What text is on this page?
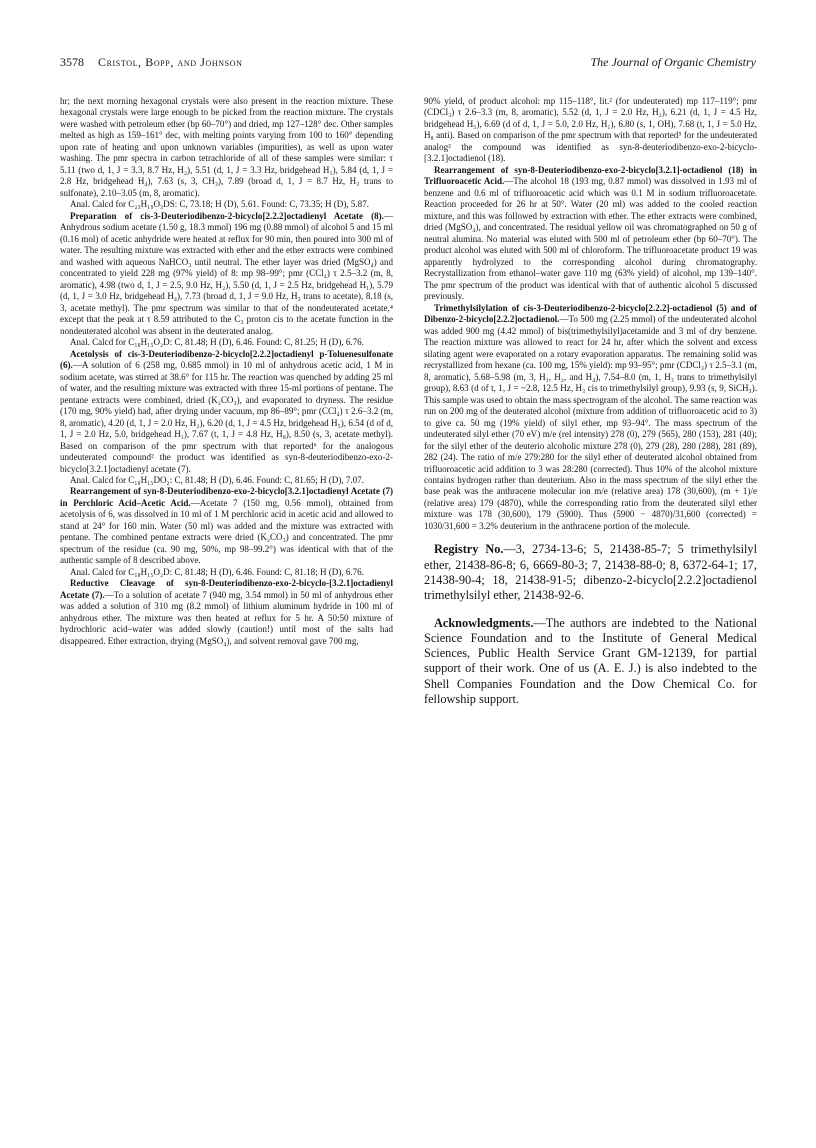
3578 Cristol, Bopp, and Johnson	The Journal of Organic Chemistry

hr; the next morning hexagonal crystals were also present in the reaction mixture. These hexagonal crystals were large enough to be picked from the reaction mixture. The crystals were washed with petroleum ether (bp 60–70°) and dried, mp 127–128° dec. Other samples melted as high as 159–161° dec, with melting points varying from 100 to 160° depending upon rate of heating and upon unknown variables (impurities), as well as upon water washing. The pmr spectra in carbon tetrachloride of all of these samples were similar: τ 5.11 (two d, 1, J = 3.3, 8.7 Hz, H₂), 5.51 (d, 1, J = 3.3 Hz, bridgehead H₁), 5.84 (d, 1, J = 2.8 Hz, bridgehead H₄), 7.63 (s, 3, CH₃), 7.89 (broad d, 1, J = 8.7 Hz, H₃ trans to sulfonate), 2.10–3.05 (m, 8, aromatic).

Anal. Calcd for C₂₃H₁₉O₃DS: C, 73.18; H (D), 5.61. Found: C, 73.35; H (D), 5.87.

Preparation of cis-3-Deuteriodibenzo-2-bicyclo[2.2.2]octadienyl Acetate (8).—Anhydrous sodium acetate (1.50 g, 18.3 mmol) 196 mg (0.88 mmol) of alcohol 5 and 15 ml (0.16 mol) of acetic anhydride were heated at reflux for 90 min, then poured into 300 ml of water. The resulting mixture was extracted with ether and the ether extracts were combined and washed with aqueous NaHCO₃ until neutral. The ether layer was dried (MgSO₄) and concentrated to yield 228 mg (97% yield) of 8: mp 98–99°; pmr (CCl₄) τ 2.5–3.2 (m, 8, aromatic), 4.98 (two d, 1, J = 2.5, 9.0 Hz, H₂), 5.50 (d, 1, J = 2.5 Hz, bridgehead H₁), 5.79 (d, 1, J = 3.0 Hz, bridgehead H₄), 7.73 (broad d, 1, J = 9.0 Hz, H₃ trans to acetate), 8.18 (s, 3, acetate methyl). The pmr spectrum was similar to that of the nondeuterated acetate,⁴ except that the peak at τ 8.59 attributed to the C₃ proton cis to the acetate function in the nondeuterated alcohol was absent in the deuterated analog.

Anal. Calcd for C₁₈H₁₅O₂D: C, 81.48; H (D), 6.46. Found: C, 81.25; H (D), 6.76.

Acetolysis of cis-3-Deuteriodibenzo-2-bicyclo[2.2.2]octadienyl p-Toluenesulfonate (6).—A solution of 6 (258 mg, 0.685 mmol) in 10 ml of anhydrous acetic acid, 1 M in sodium acetate, was stirred at 38.6° for 115 hr. The reaction was quenched by adding 25 ml of water, and the resulting mixture was extracted with three 15-ml portions of pentane. The pentane extracts were combined, dried (K₂CO₃), and evaporated to dryness. The residue (170 mg, 90% yield) had, after drying under vacuum, mp 86–89°; pmr (CCl₄) τ 2.6–3.2 (m, 8, aromatic), 4.20 (d, 1, J = 2.0 Hz, H₂), 6.20 (d, 1, J = 4.5 Hz, bridgehead H₅), 6.54 (d of d, 1, J = 2.0 Hz, 5.0, bridgehead H₁), 7.67 (t, 1, J = 4.8 Hz, H₈), 8.50 (s, 3, acetate methyl). Based on comparison of the pmr spectrum with that reported⁶ for the analogous undeuterated compound² the product was identified as syn-8-deuteriodibenzo-exo-2-bicyclo[3.2.1]octadienyl acetate (7).

Anal. Calcd for C₁₈H₁₅DO₂: C, 81.48; H (D), 6.46. Found: C, 81.65; H (D), 7.07.

Rearrangement of syn-8-Deuteriodibenzo-exo-2-bicyclo[3.2.1]octadienyl Acetate (7) in Perchloric Acid–Acetic Acid.—Acetate 7 (150 mg, 0.56 mmol), obtained from acetolysis of 6, was dissolved in 10 ml of 1 M perchloric acid in acetic acid and allowed to stand at 24° for 160 min. Water (50 ml) was added and the mixture was extracted with pentane. The combined pentane extracts were dried (K₂CO₃) and concentrated. The pmr spectrum of the residue (ca. 90 mg, 50%, mp 98–99.2°) was identical with that of the authentic sample of 8 described above.

Anal. Calcd for C₁₈H₁₅O₂D: C, 81.48; H (D), 6.46. Found: C, 81.18; H (D), 6.76.

Reductive Cleavage of syn-8-Deuteriodibenzo-exo-2-bicyclo-[3.2.1]octadienyl Acetate (7).—To a solution of acetate 7 (940 mg, 3.54 mmol) in 50 ml of anhydrous ether was added a solution of 310 mg (8.2 mmol) of lithium aluminum hydride in 100 ml of anhydrous ether. The mixture was then heated at reflux for 5 hr. A 50:50 mixture of hydrochloric acid–water was added slowly (caution!) until most of the salts had disappeared. Ether extraction, drying (MgSO₄), and solvent removal gave 700 mg,

90% yield, of product alcohol: mp 115–118°, lit.² (for undeuterated) mp 117–119°; pmr (CDCl₃) τ 2.6–3.3 (m, 8, aromatic), 5.52 (d, 1, J = 2.0 Hz, H₂), 6.21 (d, 1, J = 4.5 Hz, bridgehead H₅), 6.69 (d of d, 1, J = 5.0, 2.0 Hz, H₁), 6.80 (s, 1, OH), 7.68 (t, 1, J = 5.0 Hz, H₈ anti). Based on comparison of the pmr spectrum with that reported⁵ for the undeuterated analog² the compound was identified as syn-8-deuteriodibenzo-exo-2-bicyclo-[3.2.1]octadienol (18).

Rearrangement of syn-8-Deuteriodibenzo-exo-2-bicyclo[3.2.1]-octadienol (18) in Trifluoroacetic Acid.—The alcohol 18 (193 mg, 0.87 mmol) was dissolved in 1.93 ml of benzene and 0.6 ml of trifluoroacetic acid which was 0.1 M in sodium trifluoroacetate. Reaction proceeded for 26 hr at 50°. Water (20 ml) was added to the cooled reaction mixture, and this was followed by extraction with ether. The ether extracts were combined, dried (MgSO₄), and concentrated. The residual yellow oil was chromatographed on 50 g of neutral alumina. No material was eluted with 500 ml of petroleum ether (bp 60–70°). The product alcohol was eluted with 500 ml of chloroform. The trifluoroacetate product 19 was apparently hydrolyzed to the corresponding alcohol during chromatography. Recrystallization from ethanol–water gave 110 mg (63% yield) of alcohol, mp 139–140°. The pmr spectrum of the product was identical with that of authentic alcohol 5 discussed previously.

Trimethylsilylation of cis-3-Deuteriodibenzo-2-bicyclo[2.2.2]-octadienol (5) and of Dibenzo-2-bicyclo[2.2.2]octadienol.—To 500 mg (2.25 mmol) of the undeuterated alcohol was added 900 mg (4.42 mmol) of bis(trimethylsilyl)acetamide and 3 ml of dry benzene. The reaction mixture was allowed to react for 24 hr, after which the solvent and excess silating agent were evaporated on a rotary evaporation apparatus. The remaining solid was recrystallized from hexane (ca. 100 mg, 15% yield): mp 93–95°; pmr (CDCl₃) τ 2.5–3.1 (m, 8, aromatic), 5.68–5.98 (m, 3, H₁, H₂, and H₄), 7.54–8.0 (m, 1, H₃ trans to trimethylsilyl group), 8.63 (d of t, 1, J = ~2.8, 12.5 Hz, H₃ cis to trimethylsilyl group), 9.93 (s, 9, SiCH₃). This sample was used to obtain the mass spectrogram of the alcohol. The same reaction was run on 200 mg of the deuterated alcohol (mixture from addition of trifluoroacetic acid to 3) to give ca. 50 mg (19% yield) of silyl ether, mp 93–94°. The mass spectrum of the undeuterated silyl ether (70 eV) m/e (rel intensity) 278 (0), 279 (565), 280 (153), 281 (40); for the silyl ether of the deuterio alcoholic mixture 278 (0), 279 (28), 280 (288), 281 (89), 282 (24). The ratio of m/e 279:280 for the silyl ether of deuterated alcohol obtained from trifluoroacetic acid addition to 3 was 28:280 (corrected). Thus 10% of the alcohol mixture contains hydrogen rather than deuterium. Also in the mass spectrum of the silyl ether the base peak was the anthracene molecular ion m/e (relative area) 178 (30,600), (m + 1)/e (relative area) 179 (4870), while the corresponding ratio from the deuterated silyl ether mixture was 178 (30,600), 179 (5900). Thus (5900 − 4870)/31,600 (corrected) = 1030/31,600 = 3.2% deuterium in the anthracene portion of the molecule.

Registry No.—3, 2734-13-6; 5, 21438-85-7; 5 trimethylsilyl ether, 21438-86-8; 6, 6669-80-3; 7, 21438-88-0; 8, 6372-64-1; 17, 21438-90-4; 18, 21438-91-5; dibenzo-2-bicyclo[2.2.2]octadienol trimethylsilyl ether, 21438-92-6.

Acknowledgments.—The authors are indebted to the National Science Foundation and to the Institute of General Medical Sciences, Public Health Service Grant GM-12139, for partial support of their work. One of us (A. E. J.) is also indebted to the Shell Companies Foundation and the Dow Chemical Co. for fellowship support.
